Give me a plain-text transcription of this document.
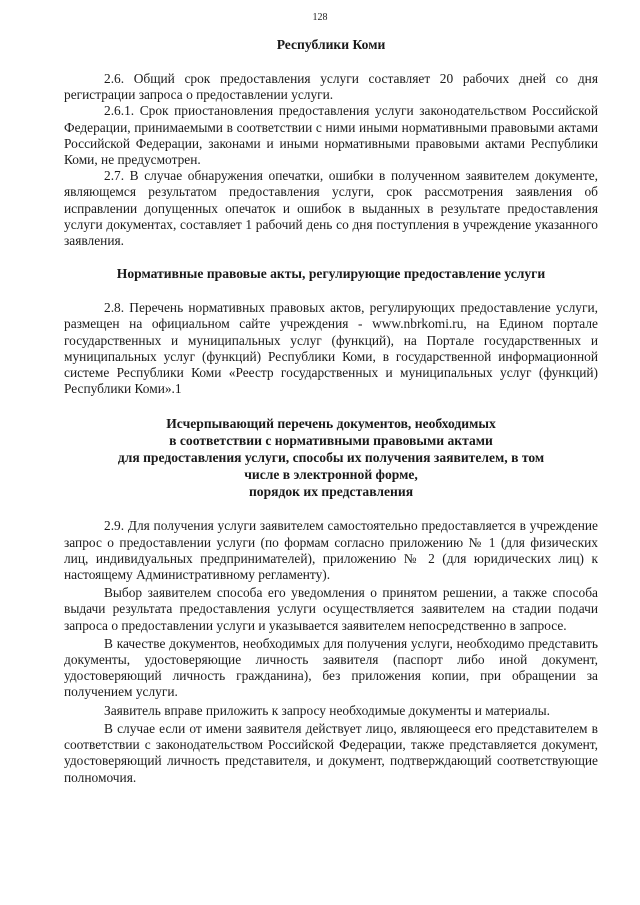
128
Республики Коми

2.6. Общий срок предоставления услуги составляет 20 рабочих дней со дня регистрации запроса о предоставлении услуги.

2.6.1. Срок приостановления предоставления услуги законодательством Российской Федерации, принимаемыми в соответствии с ними иными нормативными правовыми актами Российской Федерации, законами и иными нормативными правовыми актами Республики Коми, не предусмотрен.

2.7. В случае обнаружения опечатки, ошибки в полученном заявителем документе, являющемся результатом предоставления услуги, срок рассмотрения заявления об исправлении допущенных опечаток и ошибок в выданных в результате предоставления услуги документах, составляет 1 рабочий день со дня поступления в учреждение указанного заявления.

Нормативные правовые акты, регулирующие предоставление услуги

2.8. Перечень нормативных правовых актов, регулирующих предоставление услуги, размещен на официальном сайте учреждения - www.nbrkomi.ru, на Едином портале государственных и муниципальных услуг (функций), на Портале государственных и муниципальных услуг (функций) Республики Коми, в государственной информационной системе Республики Коми «Реестр государственных и муниципальных услуг (функций) Республики Коми».1

Исчерпывающий перечень документов, необходимых
в соответствии с нормативными правовыми актами
для предоставления услуги, способы их получения заявителем, в том
числе в электронной форме,
порядок их представления

2.9. Для получения услуги заявителем самостоятельно предоставляется в учреждение запрос о предоставлении услуги (по формам согласно приложению № 1 (для физических лиц, индивидуальных предпринимателей), приложению № 2 (для юридических лиц) к настоящему Административному регламенту).

Выбор заявителем способа его уведомления о принятом решении, а также способа выдачи результата предоставления услуги осуществляется заявителем на стадии подачи запроса о предоставлении услуги и указывается заявителем непосредственно в запросе.

В качестве документов, необходимых для получения услуги, необходимо представить документы, удостоверяющие личность заявителя (паспорт либо иной документ, удостоверяющий личность гражданина), без приложения копии, при обращении за получением услуги.

Заявитель вправе приложить к запросу необходимые документы и материалы.

В случае если от имени заявителя действует лицо, являющееся его представителем в соответствии с законодательством Российской Федерации, также представляется документ, удостоверяющий личность представителя, и документ, подтверждающий соответствующие полномочия.
